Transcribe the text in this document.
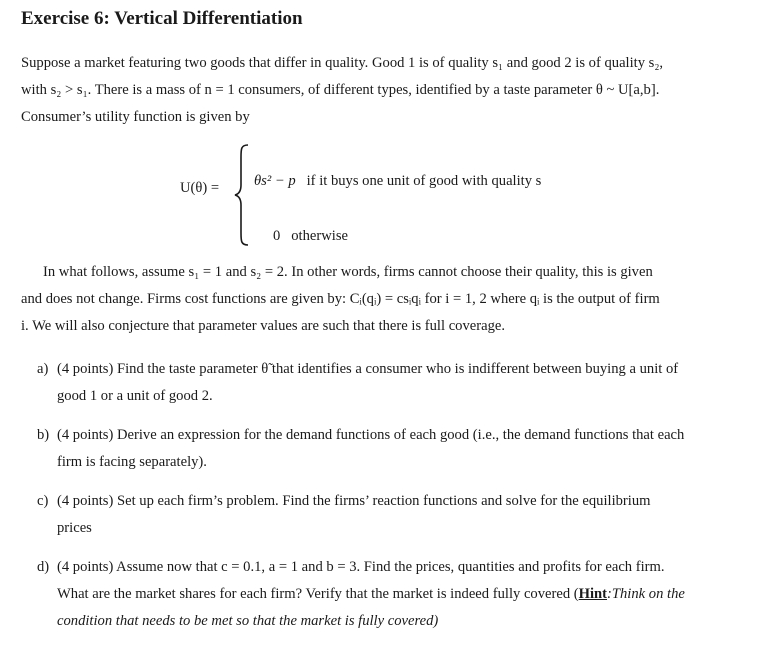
Exercise 6: Vertical Differentiation
Suppose a market featuring two goods that differ in quality. Good 1 is of quality s₁ and good 2 is of quality s₂,
with s₂ > s₁. There is a mass of n = 1 consumers, of different types, identified by a taste parameter θ ~ U[a,b].
Consumer’s utility function is given by
U(θ) = θs² − p if it buys one unit of good with quality s
0 otherwise
In what follows, assume s₁ = 1 and s₂ = 2. In other words, firms cannot choose their quality, this is given
and does not change. Firms cost functions are given by: Cᵢ(qᵢ) = csᵢqᵢ for i = 1, 2 where qᵢ is the output of firm
i. We will also conjecture that parameter values are such that there is full coverage.
a) (4 points) Find the taste parameter θ̃ that identifies a consumer who is indifferent between buying a unit of
good 1 or a unit of good 2.
b) (4 points) Derive an expression for the demand functions of each good (i.e., the demand functions that each
firm is facing separately).
c) (4 points) Set up each firm’s problem. Find the firms’ reaction functions and solve for the equilibrium
prices
d) (4 points) Assume now that c = 0.1, a = 1 and b = 3. Find the prices, quantities and profits for each firm.
What are the market shares for each firm? Verify that the market is indeed fully covered (Hint:Think on the
condition that needs to be met so that the market is fully covered)
